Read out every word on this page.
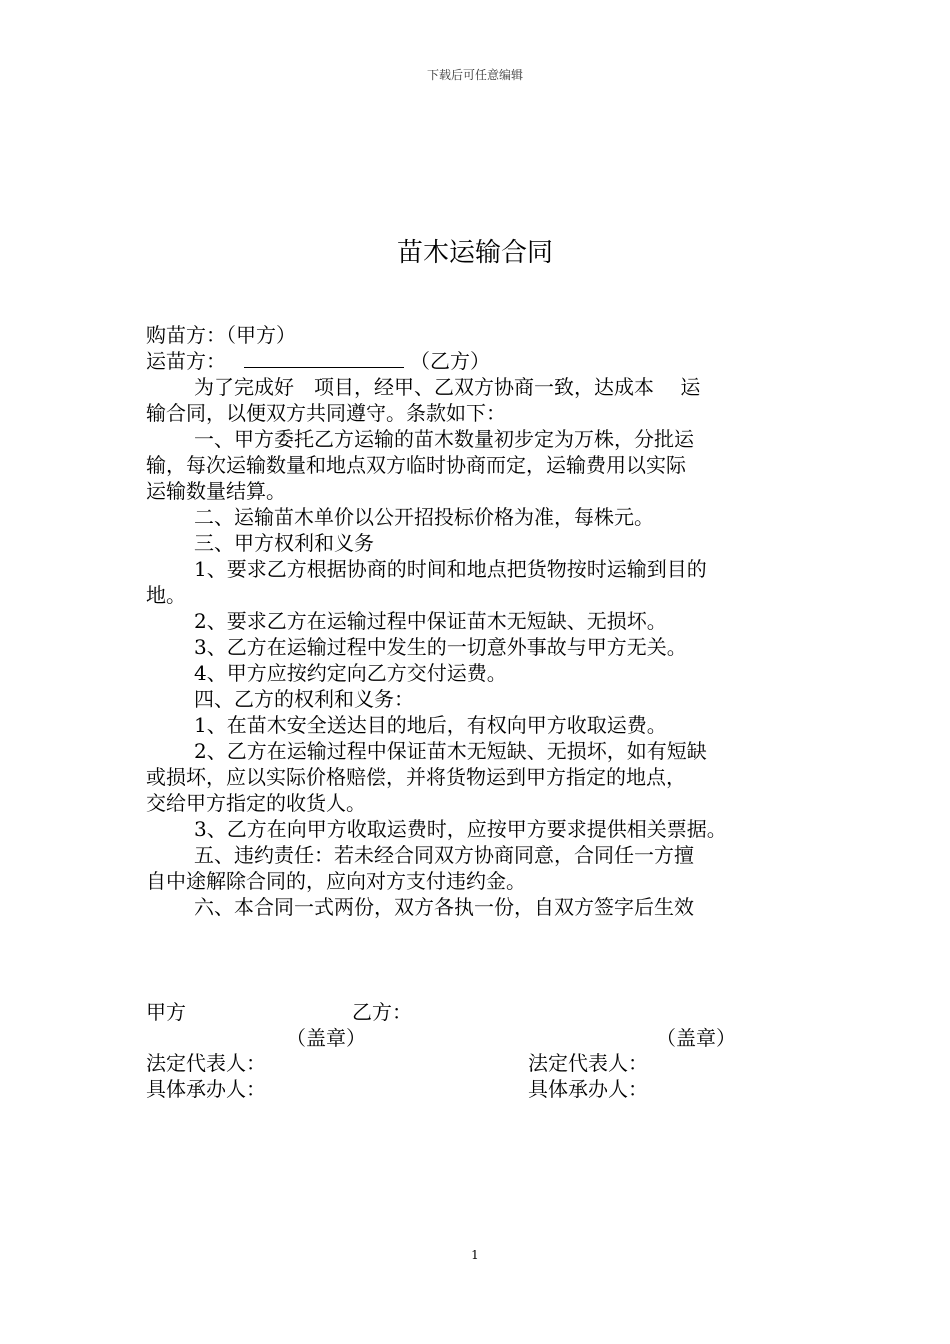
下载后可任意编辑
苗木运输合同
购苗方：（甲方）
运苗方：	（乙方）
为了完成好　项目，经甲、乙双方协商一致，达成本　 运
输合同，以便双方共同遵守。条款如下：
一、甲方委托乙方运输的苗木数量初步定为万株，分批运
输，每次运输数量和地点双方临时协商而定，运输费用以实际
运输数量结算。
二、运输苗木单价以公开招投标价格为准，每株元。
三、甲方权利和义务
1、要求乙方根据协商的时间和地点把货物按时运输到目的
地。
2、要求乙方在运输过程中保证苗木无短缺、无损坏。
3、乙方在运输过程中发生的一切意外事故与甲方无关。
4、甲方应按约定向乙方交付运费。
四、乙方的权利和义务：
1、在苗木安全送达目的地后，有权向甲方收取运费。
2、乙方在运输过程中保证苗木无短缺、无损坏，如有短缺
或损坏，应以实际价格赔偿，并将货物运到甲方指定的地点，
交给甲方指定的收货人。
3、乙方在向甲方收取运费时，应按甲方要求提供相关票据。
五、违约责任：若未经合同双方协商同意，合同任一方擅
自中途解除合同的，应向对方支付违约金。
六、本合同一式两份，双方各执一份，自双方签字后生效
甲方	乙方：
（盖章）	（盖章）
法定代表人：	法定代表人：
具体承办人：	具体承办人：
1
